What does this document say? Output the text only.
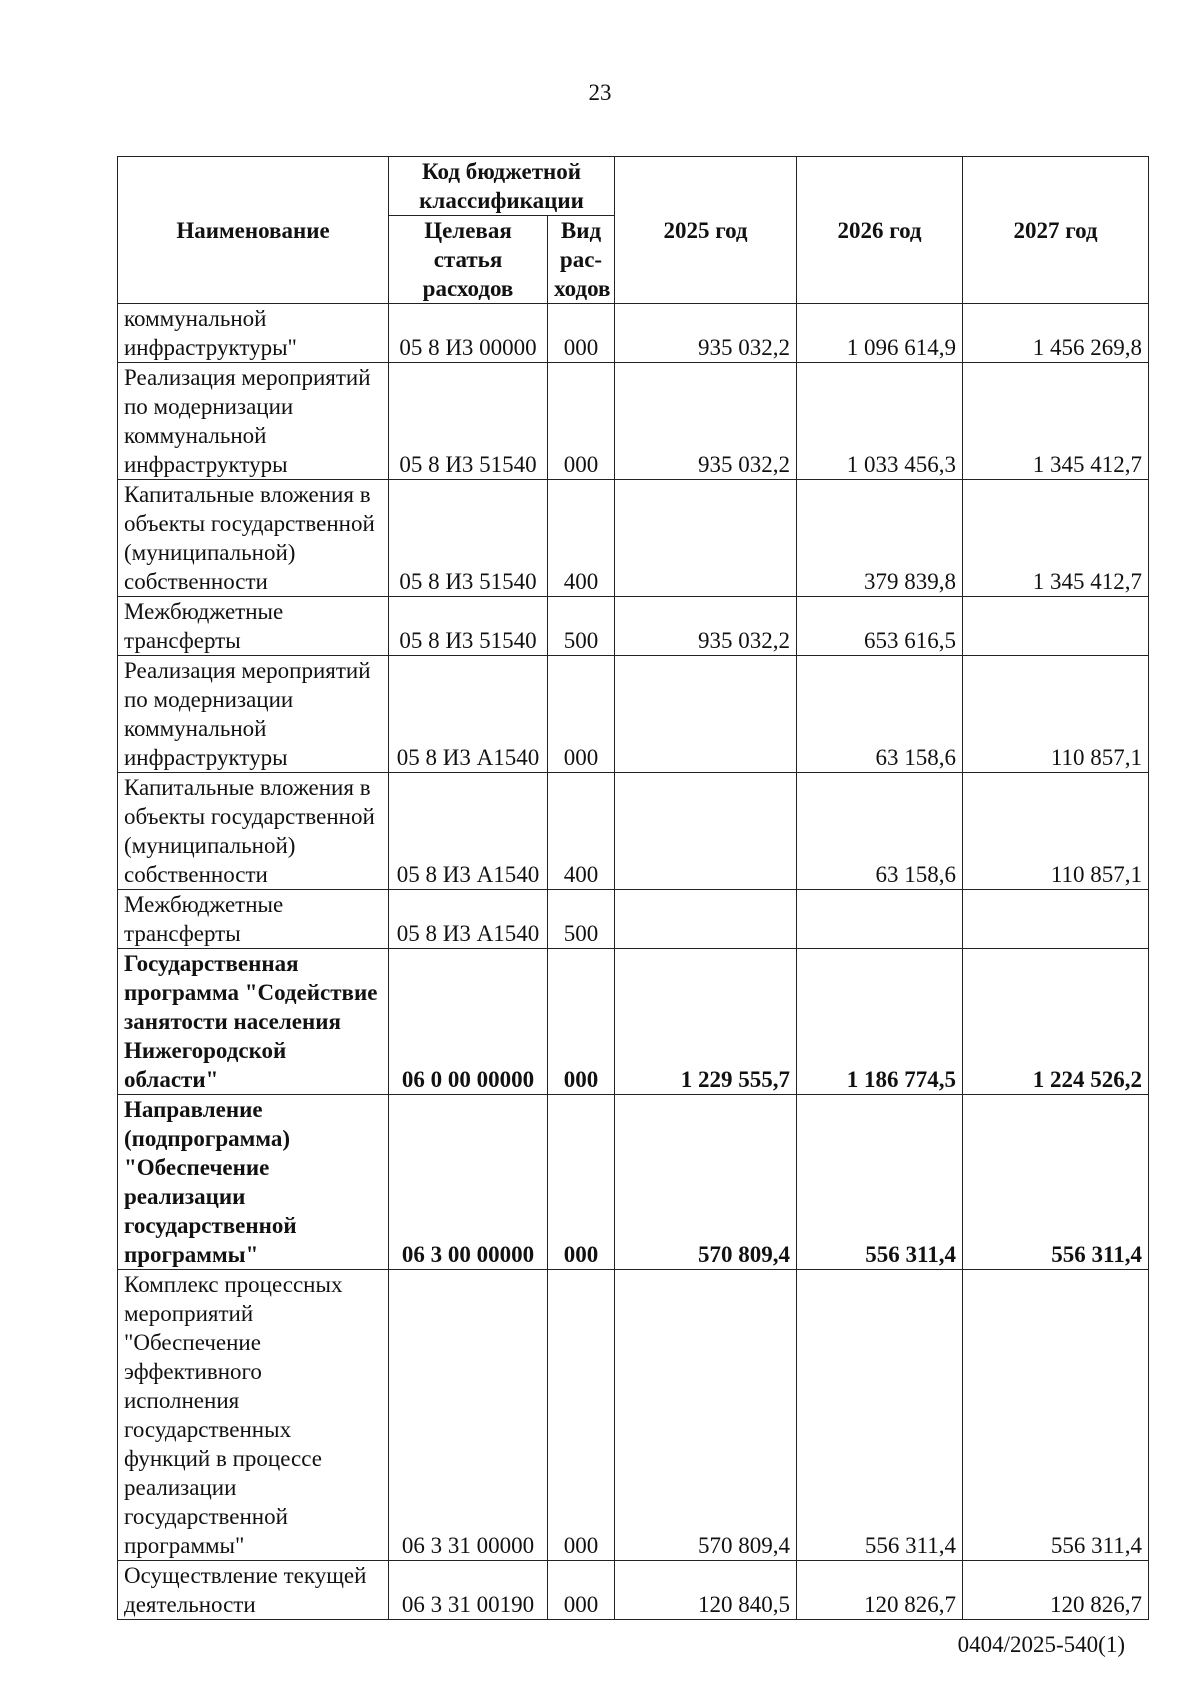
23
Наименование	Код бюджетной классификации		2025 год	2026 год	2027 год
	Целевая статья расходов	Вид рас-ходов			
коммунальной инфраструктуры"	05 8 И3 00000	000	935 032,2	1 096 614,9	1 456 269,8
Реализация мероприятий по модернизации коммунальной инфраструктуры	05 8 И3 51540	000	935 032,2	1 033 456,3	1 345 412,7
Капитальные вложения в объекты государственной (муниципальной) собственности	05 8 И3 51540	400		379 839,8	1 345 412,7
Межбюджетные трансферты	05 8 И3 51540	500	935 032,2	653 616,5	
Реализация мероприятий по модернизации коммунальной инфраструктуры	05 8 И3 А1540	000		63 158,6	110 857,1
Капитальные вложения в объекты государственной (муниципальной) собственности	05 8 И3 А1540	400		63 158,6	110 857,1
Межбюджетные трансферты	05 8 И3 А1540	500			
Государственная программа "Содействие занятости населения Нижегородской области"	06 0 00 00000	000	1 229 555,7	1 186 774,5	1 224 526,2
Направление (подпрограмма) "Обеспечение реализации государственной программы"	06 3 00 00000	000	570 809,4	556 311,4	556 311,4
Комплекс процессных мероприятий "Обеспечение эффективного исполнения государственных функций в процессе реализации государственной программы"	06 3 31 00000	000	570 809,4	556 311,4	556 311,4
Осуществление текущей деятельности	06 3 31 00190	000	120 840,5	120 826,7	120 826,7
0404/2025-540(1)
